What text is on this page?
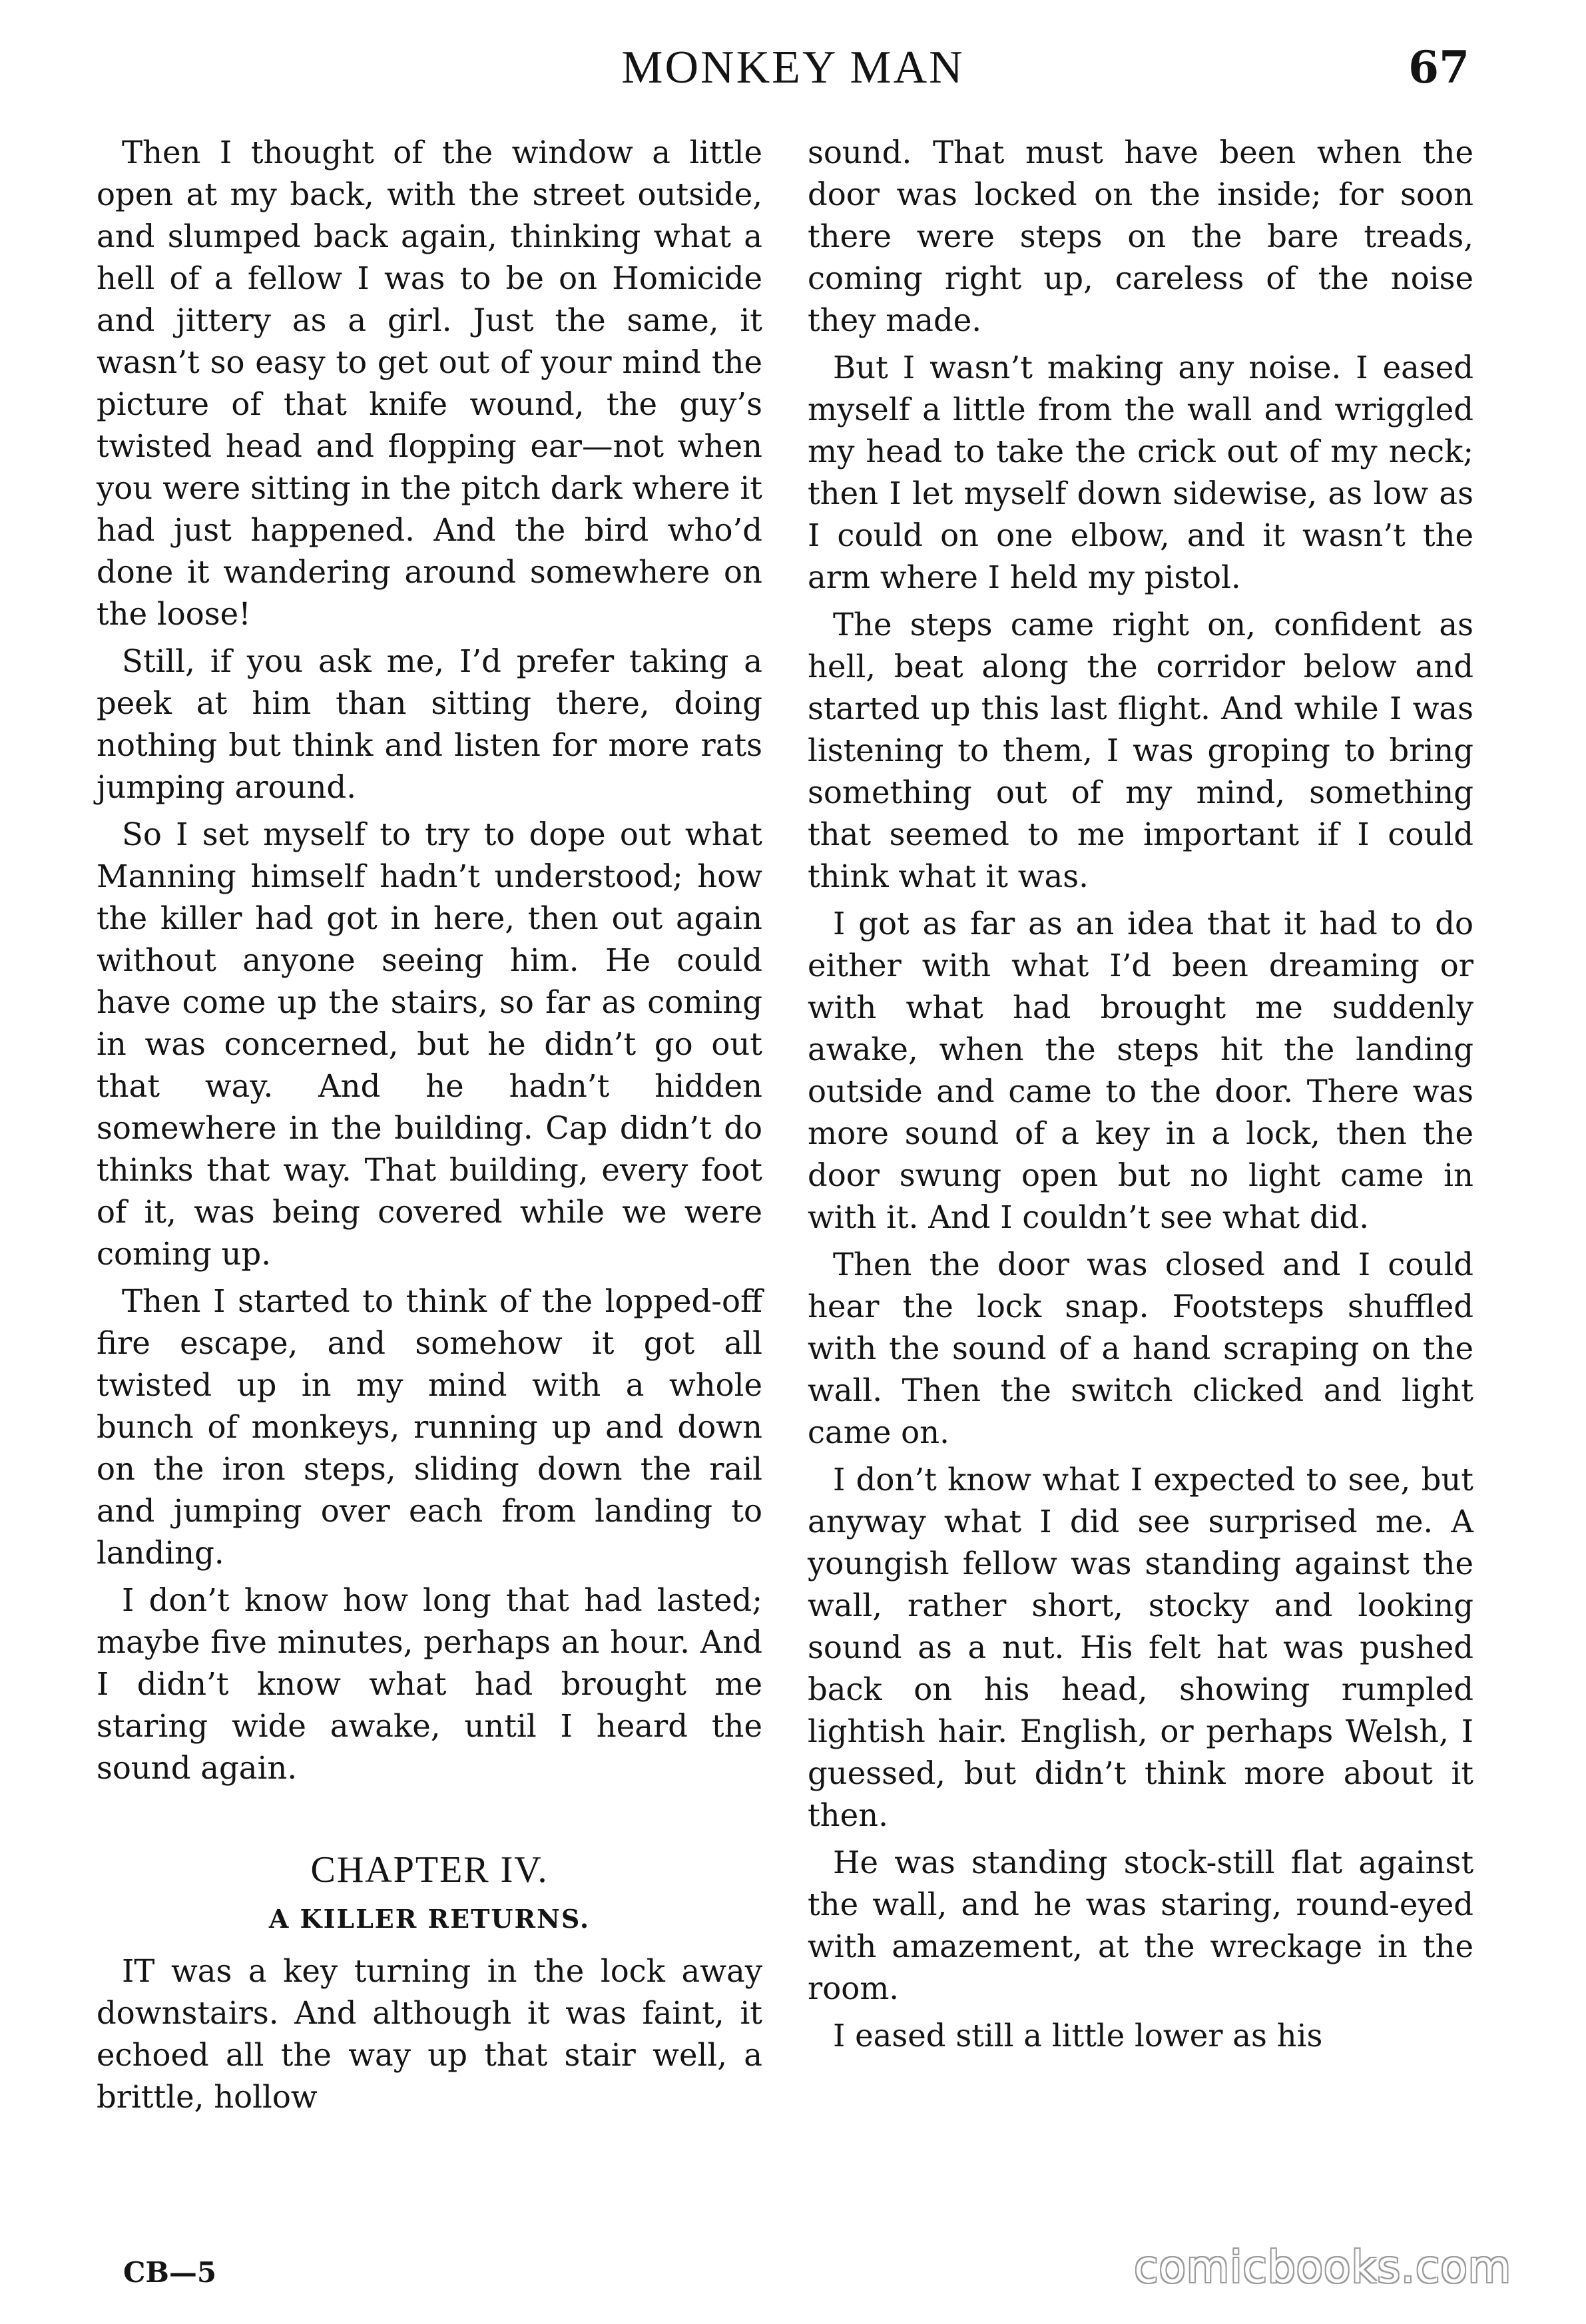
MONKEY MAN	67

Then I thought of the window a little open at my back, with the street outside, and slumped back again, thinking what a hell of a fellow I was to be on Homicide and jittery as a girl. Just the same, it wasn’t so easy to get out of your mind the picture of that knife wound, the guy’s twisted head and flopping ear—not when you were sitting in the pitch dark where it had just happened. And the bird who’d done it wandering around somewhere on the loose!

Still, if you ask me, I’d prefer taking a peek at him than sitting there, doing nothing but think and listen for more rats jumping around.

So I set myself to try to dope out what Manning himself hadn’t understood; how the killer had got in here, then out again without anyone seeing him. He could have come up the stairs, so far as coming in was concerned, but he didn’t go out that way. And he hadn’t hidden somewhere in the building. Cap didn’t do thinks that way. That building, every foot of it, was being covered while we were coming up.

Then I started to think of the lopped-off fire escape, and somehow it got all twisted up in my mind with a whole bunch of monkeys, running up and down on the iron steps, sliding down the rail and jumping over each from landing to landing.

I don’t know how long that had lasted; maybe five minutes, perhaps an hour. And I didn’t know what had brought me staring wide awake, until I heard the sound again.

CHAPTER IV.
A KILLER RETURNS.

IT was a key turning in the lock away downstairs. And although it was faint, it echoed all the way up that stair well, a brittle, hollow

sound. That must have been when the door was locked on the inside; for soon there were steps on the bare treads, coming right up, careless of the noise they made.

But I wasn’t making any noise. I eased myself a little from the wall and wriggled my head to take the crick out of my neck; then I let myself down sidewise, as low as I could on one elbow, and it wasn’t the arm where I held my pistol.

The steps came right on, confident as hell, beat along the corridor below and started up this last flight. And while I was listening to them, I was groping to bring something out of my mind, something that seemed to me important if I could think what it was.

I got as far as an idea that it had to do either with what I’d been dreaming or with what had brought me suddenly awake, when the steps hit the landing outside and came to the door. There was more sound of a key in a lock, then the door swung open but no light came in with it. And I couldn’t see what did.

Then the door was closed and I could hear the lock snap. Footsteps shuffled with the sound of a hand scraping on the wall. Then the switch clicked and light came on.

I don’t know what I expected to see, but anyway what I did see surprised me. A youngish fellow was standing against the wall, rather short, stocky and looking sound as a nut. His felt hat was pushed back on his head, showing rumpled lightish hair. English, or perhaps Welsh, I guessed, but didn’t think more about it then.

He was standing stock-still flat against the wall, and he was staring, round-eyed with amazement, at the wreckage in the room.

I eased still a little lower as his

CB—5	comicbooks.com
